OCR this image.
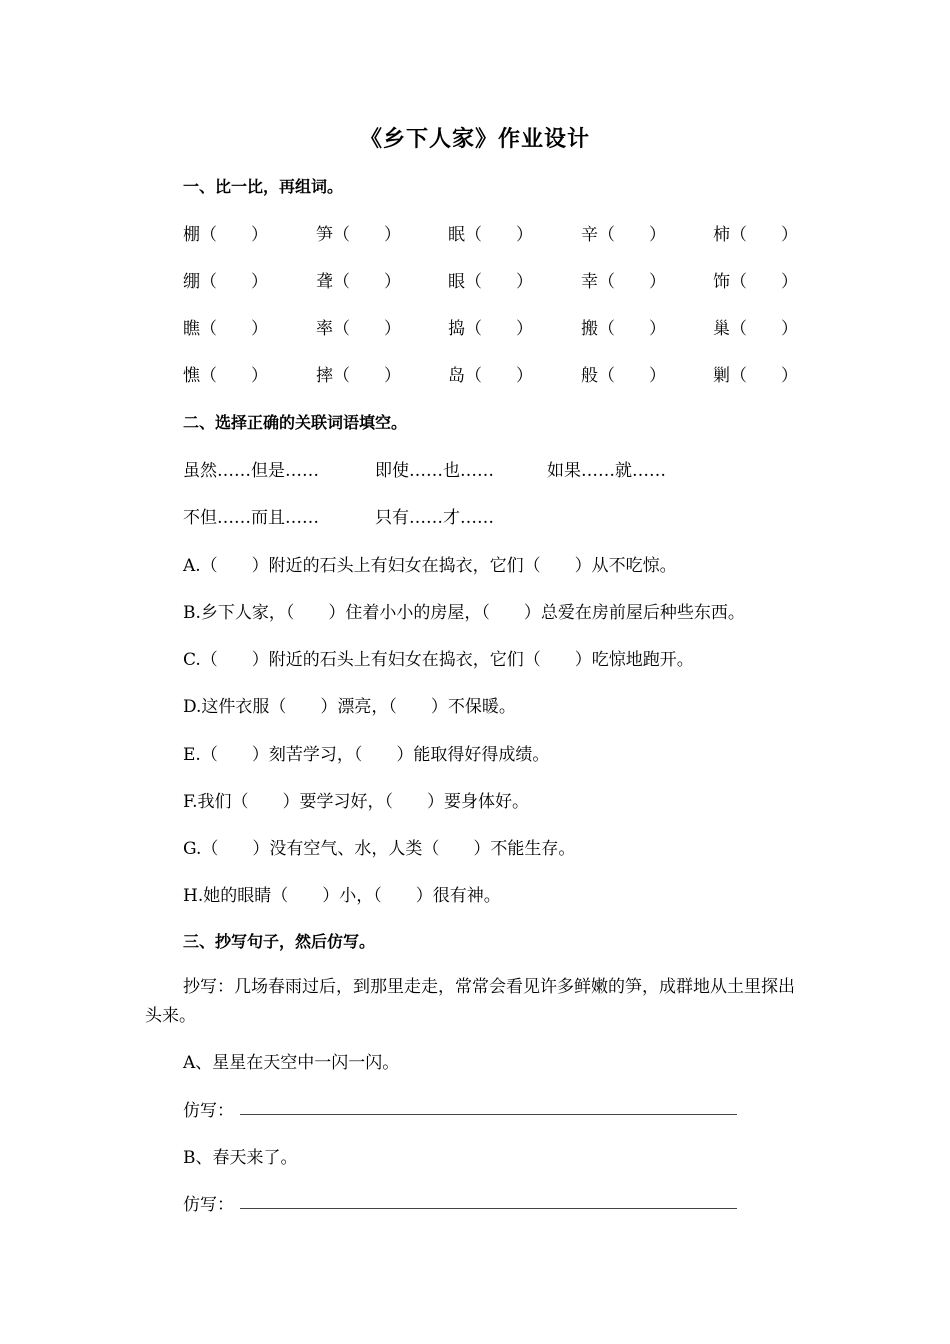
《乡下人家》作业设计
一、比一比，再组词。
棚（　　）	笋（　　）	眠（　　）	辛（　　）	柿（　　）
绷（　　）	聋（　　）	眼（　　）	幸（　　）	饰（　　）
瞧（　　）	率（　　）	捣（　　）	搬（　　）	巢（　　）
憔（　　）	摔（　　）	岛（　　）	般（　　）	剿（　　）
二、选择正确的关联词语填空。
虽然……但是……	即使……也……	如果……就……
不但……而且……	只有……才……
A.（　　）附近的石头上有妇女在捣衣，它们（　　）从不吃惊。
B.乡下人家，（　　）住着小小的房屋，（　　）总爱在房前屋后种些东西。
C.（　　）附近的石头上有妇女在捣衣，它们（　　）吃惊地跑开。
D.这件衣服（　　）漂亮，（　　）不保暖。
E.（　　）刻苦学习，（　　）能取得好得成绩。
F.我们（　　）要学习好，（　　）要身体好。
G.（　　）没有空气、水，人类（　　）不能生存。
H.她的眼睛（　　）小，（　　）很有神。
三、抄写句子，然后仿写。
抄写：几场春雨过后，到那里走走，常常会看见许多鲜嫩的笋，成群地从土里探出头来。
A、星星在天空中一闪一闪。
仿写：
B、春天来了。
仿写：
